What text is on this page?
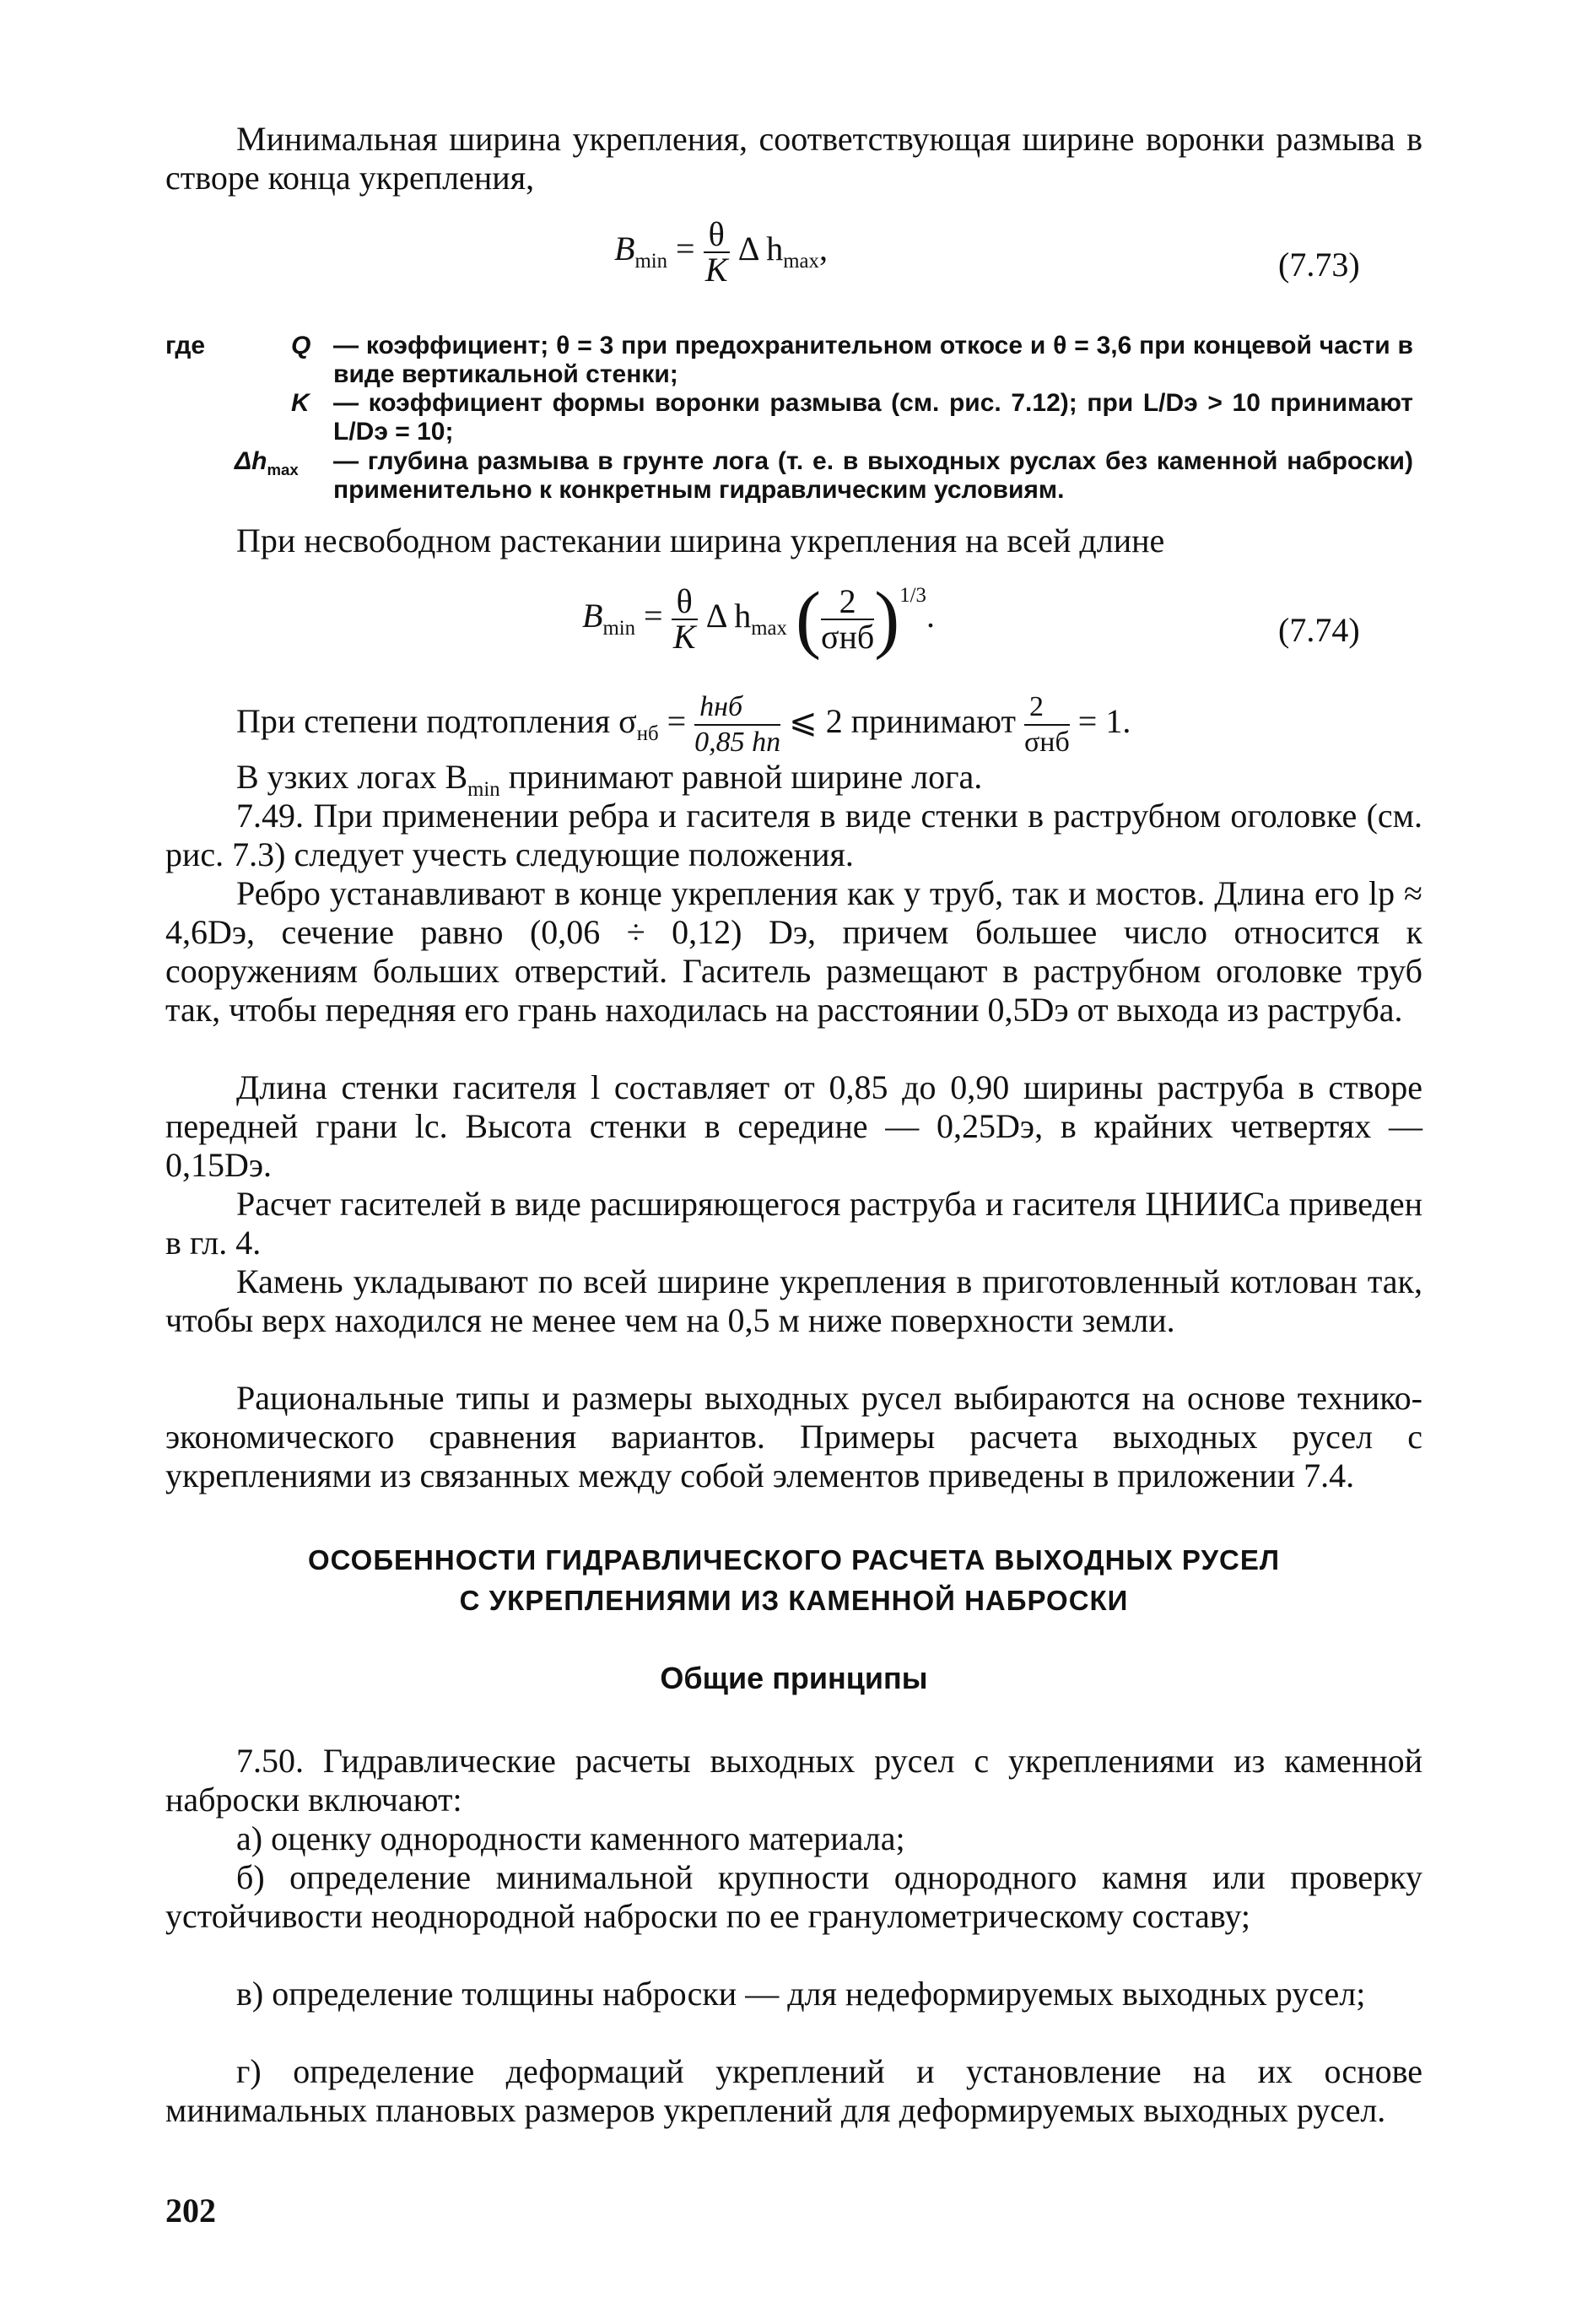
Минимальная ширина укрепления, соответствующая ширине воронки размыва в створе конца укрепления,
$B_{min} = \frac{\theta}{K}$ Δ $h_{max}$,	(7.73)
где	Q — коэффициент; θ = 3 при предохранительном откосе и θ = 3,6 при концевой части в виде вертикальной стенки;
K — коэффициент формы воронки размыва (см. рис. 7.12); при L/Dэ > 10 принимают L/Dэ = 10;
$\Delta h_{max}$	— глубина размыва в грунте лога (т. е. в выходных руслах без каменной наброски) применительно к конкретным гидравлическим условиям.
При несвободном растекании ширина укрепления на всей длине
$B_{min} = \frac{\theta}{K}$ Δ $h_{max}$ ( $\frac{2}{\text{σнб}} )^{1/3}$.	(7.74)
При степени подтопления $\sigma_{нб} = \frac{\text{hнб}}{0,85 hп}$ ⩽ 2 принимают $\frac{2}{\text{σнб}} = 1$.
В узких логах $B_{min}$ принимают равной ширине лога.
7.49. При применении ребра и гасителя в виде стенки в раструбном оголовке (см. рис. 7.3) следует учесть следующие положения.
Ребро устанавливают в конце укрепления как у труб, так и мостов. Длина его lр ≈ 4,6Dэ, сечение равно (0,06 ÷ 0,12) Dэ, причем большее число относится к сооружениям больших отверстий. Гаситель размещают в раструбном оголовке труб так, чтобы передняя его грань находилась на расстоянии 0,5Dэ от выхода из раструба.
Длина стенки гасителя l составляет от 0,85 до 0,90 ширины раструба в створе передней грани lс. Высота стенки в середине — 0,25Dэ, в крайних четвертях — 0,15Dэ.
Расчет гасителей в виде расширяющегося раструба и гасителя ЦНИИСа приведен в гл. 4.
Камень укладывают по всей ширине укрепления в приготовленный котлован так, чтобы верх находился не менее чем на 0,5 м ниже поверхности земли.
Рациональные типы и размеры выходных русел выбираются на основе технико-экономического сравнения вариантов. Примеры расчета выходных русел с укреплениями из связанных между собой элементов приведены в приложении 7.4.
ОСОБЕННОСТИ ГИДРАВЛИЧЕСКОГО РАСЧЕТА ВЫХОДНЫХ РУСЕЛ
С УКРЕПЛЕНИЯМИ ИЗ КАМЕННОЙ НАБРОСКИ
Общие принципы
7.50. Гидравлические расчеты выходных русел с укреплениями из каменной наброски включают:
а) оценку однородности каменного материала;
б) определение минимальной крупности однородного камня или проверку устойчивости неоднородной наброски по ее гранулометрическому составу;
в) определение толщины наброски — для недеформируемых выходных русел;
г) определение деформаций укреплений и установление на их основе минимальных плановых размеров укреплений для деформируемых выходных русел.
202
